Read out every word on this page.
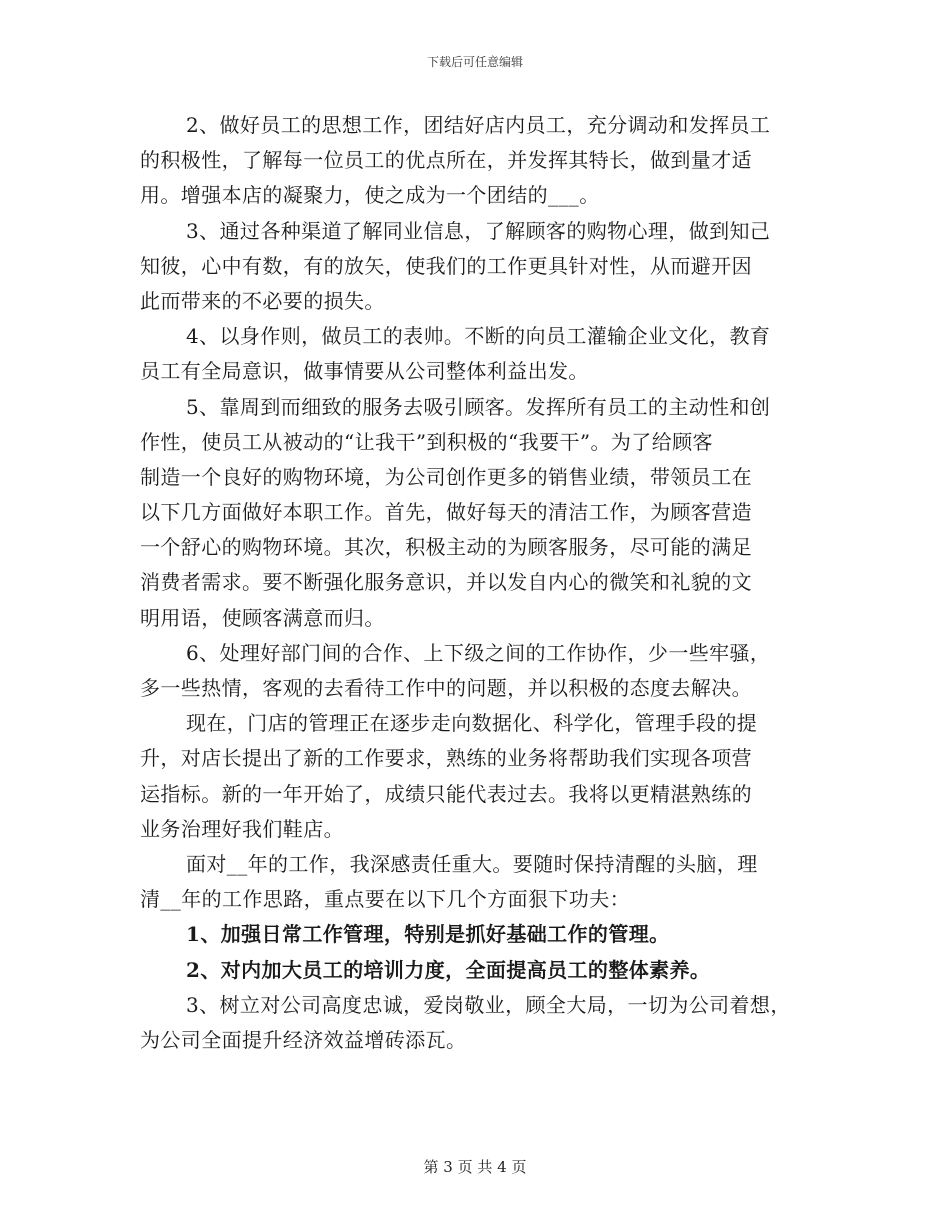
下载后可任意编辑
2、做好员工的思想工作，团结好店内员工，充分调动和发挥员工
的积极性，了解每一位员工的优点所在，并发挥其特长，做到量才适
用。增强本店的凝聚力，使之成为一个团结的___。
3、通过各种渠道了解同业信息，了解顾客的购物心理，做到知己
知彼，心中有数，有的放矢，使我们的工作更具针对性，从而避开因
此而带来的不必要的损失。
4、以身作则，做员工的表帅。不断的向员工灌输企业文化，教育
员工有全局意识，做事情要从公司整体利益出发。
5、靠周到而细致的服务去吸引顾客。发挥所有员工的主动性和创
作性，使员工从被动的“让我干”到积极的“我要干”。为了给顾客
制造一个良好的购物环境，为公司创作更多的销售业绩，带领员工在
以下几方面做好本职工作。首先，做好每天的清洁工作，为顾客营造
一个舒心的购物环境。其次，积极主动的为顾客服务，尽可能的满足
消费者需求。要不断强化服务意识，并以发自内心的微笑和礼貌的文
明用语，使顾客满意而归。
6、处理好部门间的合作、上下级之间的工作协作，少一些牢骚，
多一些热情，客观的去看待工作中的问题，并以积极的态度去解决。
现在，门店的管理正在逐步走向数据化、科学化，管理手段的提
升，对店长提出了新的工作要求，熟练的业务将帮助我们实现各项营
运指标。新的一年开始了，成绩只能代表过去。我将以更精湛熟练的
业务治理好我们鞋店。
面对__年的工作，我深感责任重大。要随时保持清醒的头脑，理
清__年的工作思路，重点要在以下几个方面狠下功夫：
1、加强日常工作管理，特别是抓好基础工作的管理。
2、对内加大员工的培训力度，全面提高员工的整体素养。
3、树立对公司高度忠诚，爱岗敬业，顾全大局，一切为公司着想，
为公司全面提升经济效益增砖添瓦。
第 3 页 共 4 页
